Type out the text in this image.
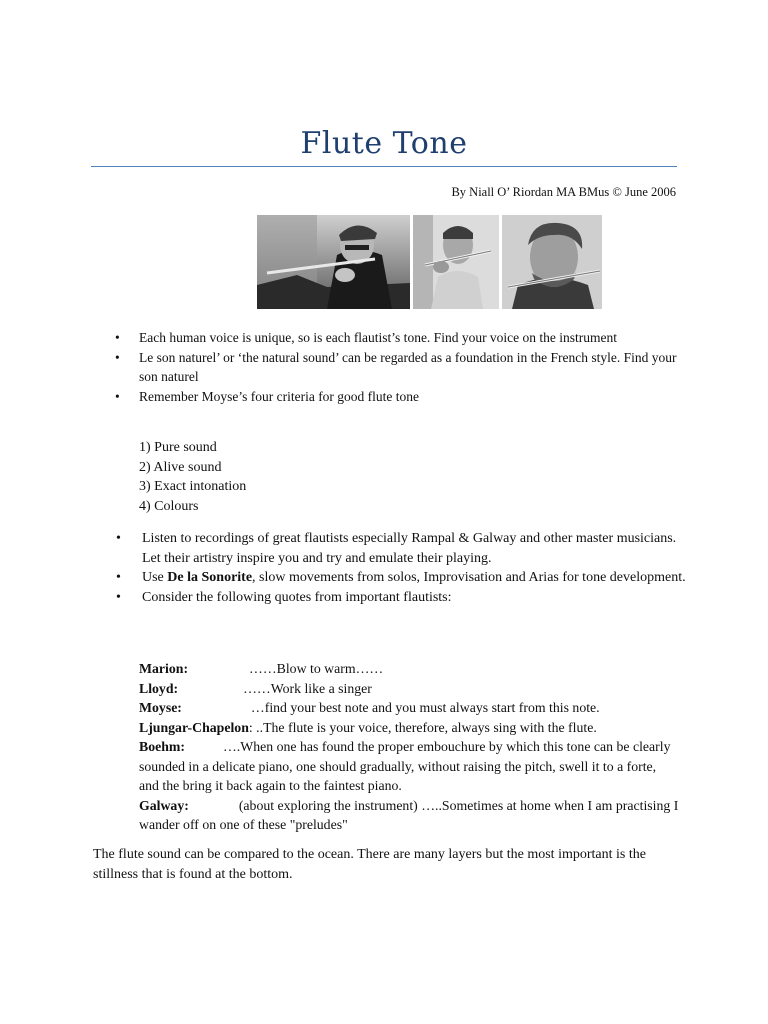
Flute Tone
By Niall O’ Riordan MA BMus © June 2006
• Each human voice is unique, so is each flautist’s tone. Find your voice on the instrument
• Le son naturel’ or ‘the natural sound’ can be regarded as a foundation in the French style. Find your son naturel
• Remember Moyse’s four criteria for good flute tone
1) Pure sound
2) Alive sound
3) Exact intonation
4) Colours
• Listen to recordings of great flautists especially Rampal & Galway and other master musicians. Let their artistry inspire you and try and emulate their playing.
• Use De la Sonorite, slow movements from solos, Improvisation and Arias for tone development.
• Consider the following quotes from important flautists:
Marion:	……Blow to warm……
Lloyd:	……Work like a singer
Moyse:	…find your best note and you must always start from this note.
Ljungar-Chapelon: ..The flute is your voice, therefore, always sing with the flute.
Boehm:	….When one has found the proper embouchure by which this tone can be clearly sounded in a delicate piano, one should gradually, without raising the pitch, swell it to a forte, and the bring it back again to the faintest piano.
Galway:	(about exploring the instrument) …..Sometimes at home when I am practising I wander off on one of these "preludes"
The flute sound can be compared to the ocean. There are many layers but the most important is the stillness that is found at the bottom.
